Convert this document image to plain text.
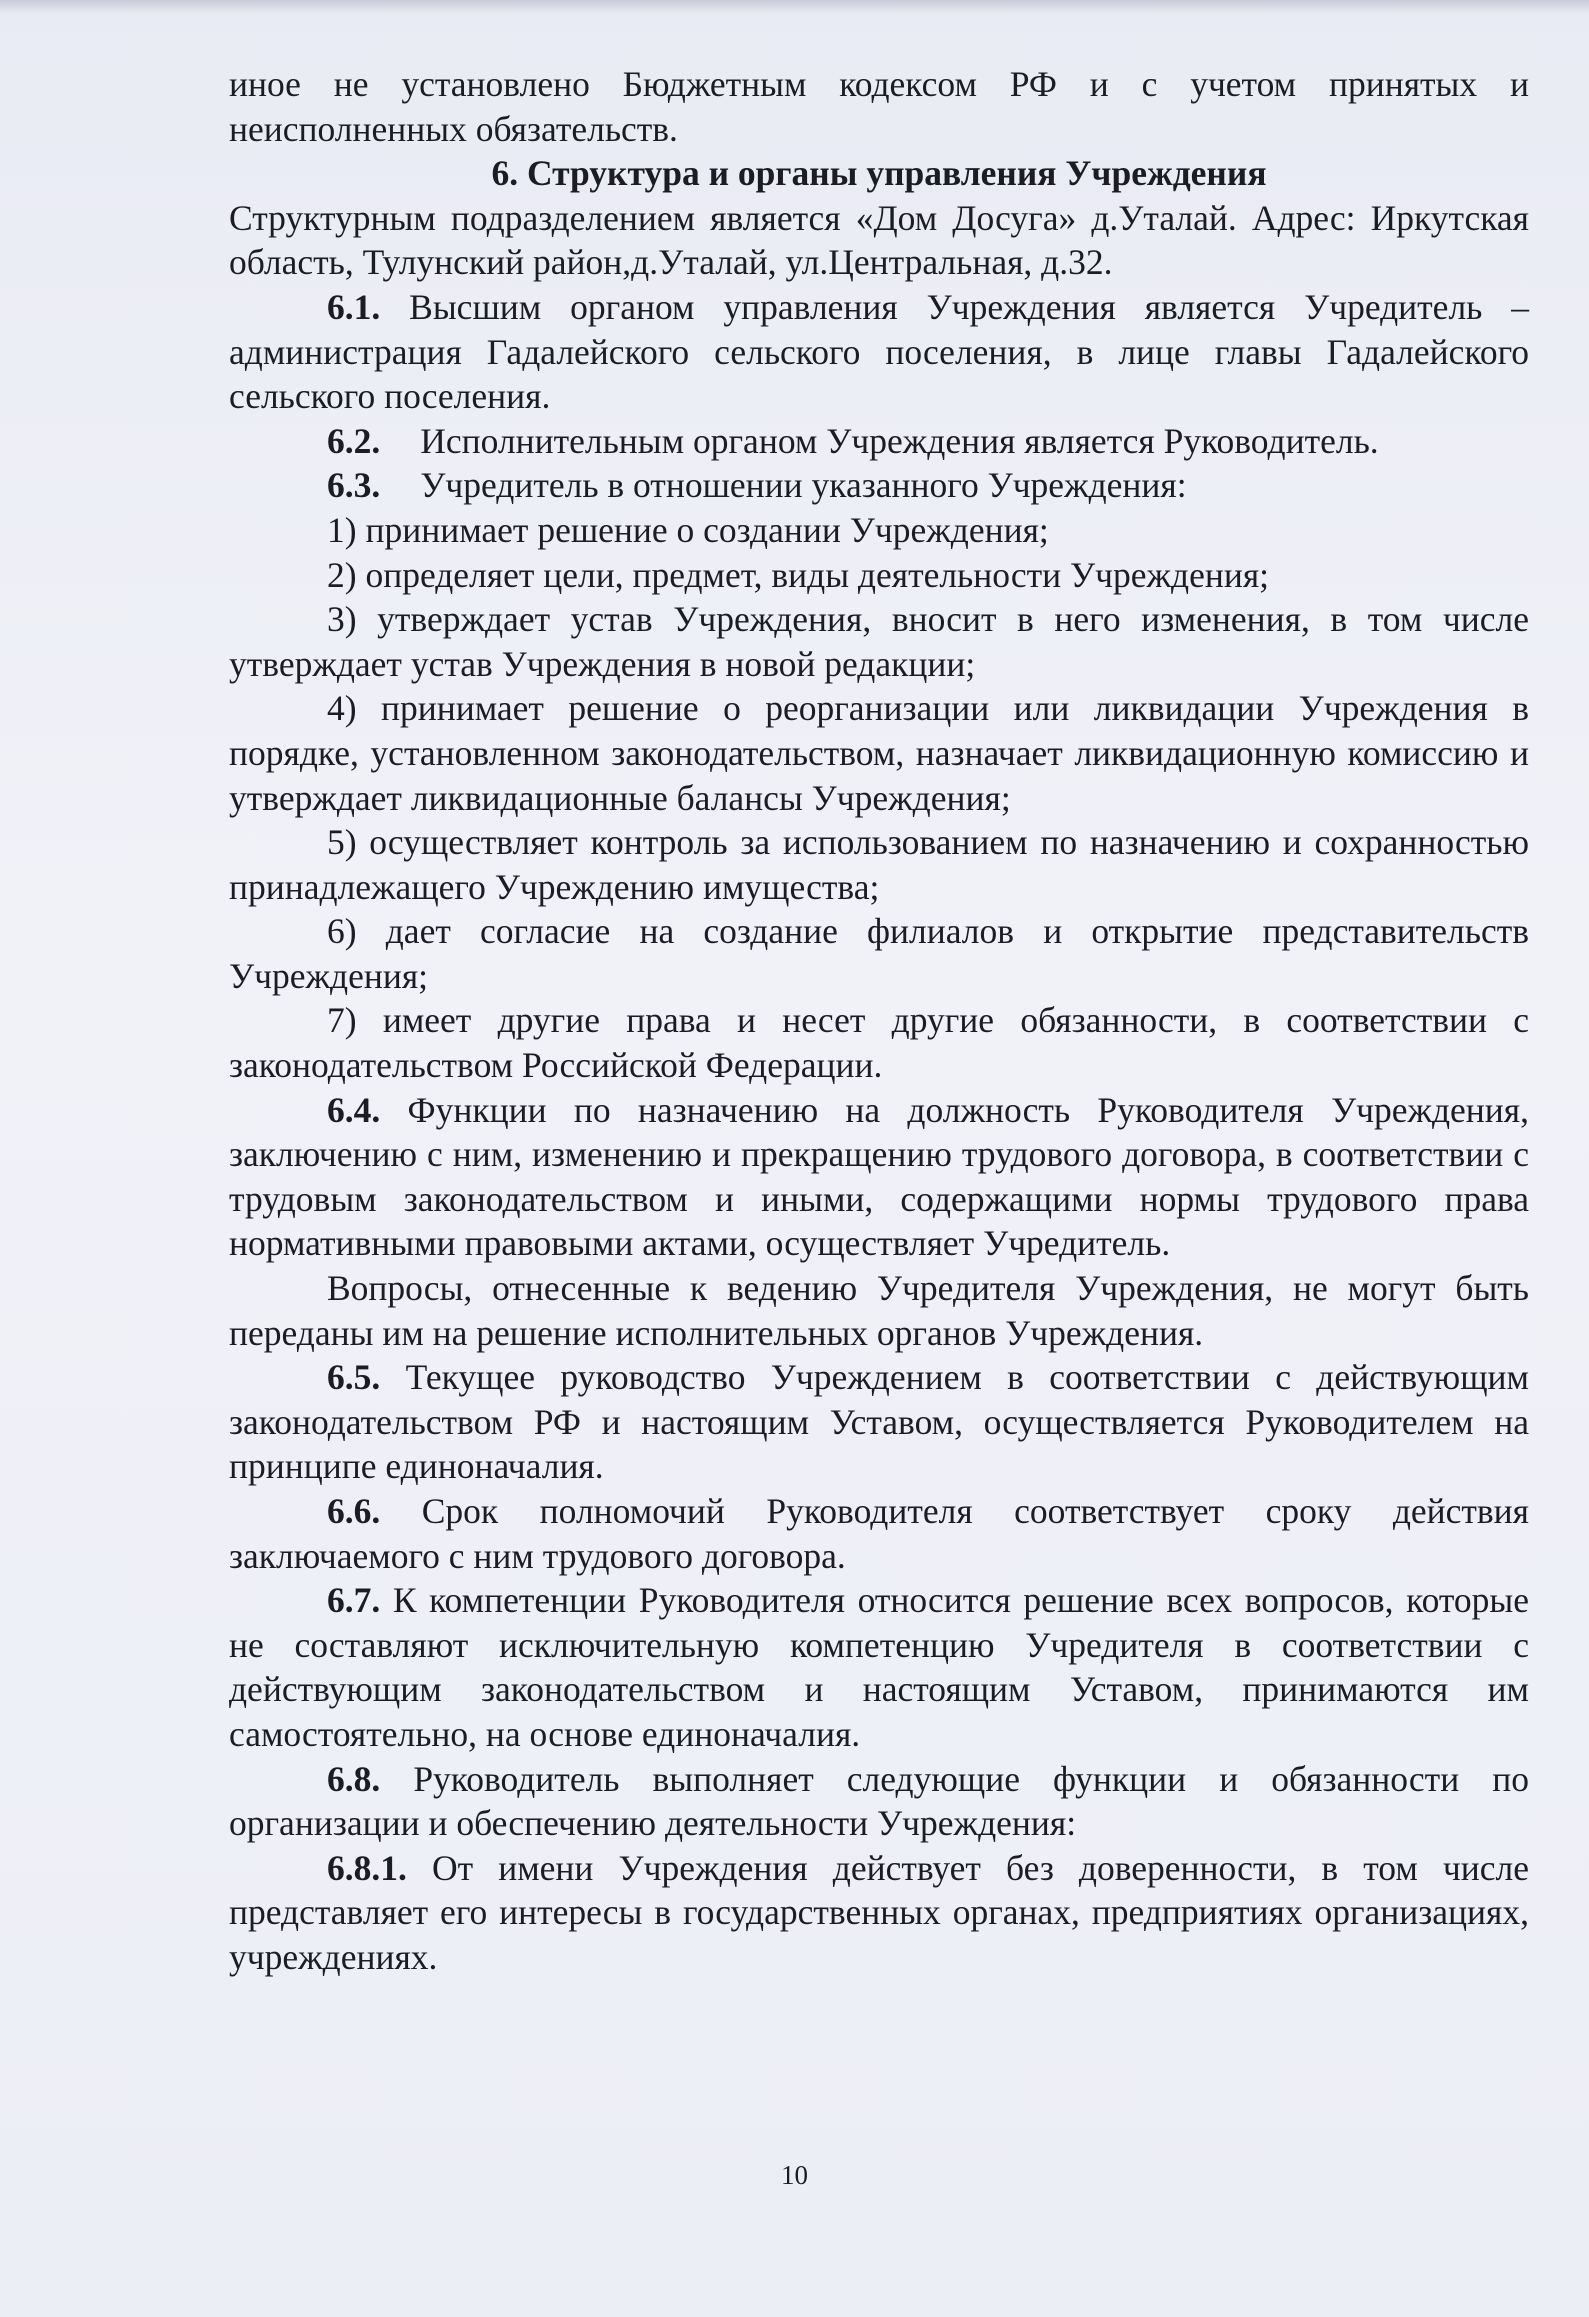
иное не установлено Бюджетным кодексом РФ и с учетом принятых и неисполненных обязательств.

6. Структура и органы управления Учреждения

Структурным подразделением является «Дом Досуга» д.Уталай. Адрес: Иркутская область, Тулунский район,д.Уталай, ул.Центральная, д.32.

6.1. Высшим органом управления Учреждения является Учредитель – администрация Гадалейского сельского поселения, в лице главы Гадалейского сельского поселения.

6.2. Исполнительным органом Учреждения является Руководитель.

6.3. Учредитель в отношении указанного Учреждения:

1) принимает решение о создании Учреждения;

2) определяет цели, предмет, виды деятельности Учреждения;

3) утверждает устав Учреждения, вносит в него изменения, в том числе утверждает устав Учреждения в новой редакции;

4) принимает решение о реорганизации или ликвидации Учреждения в порядке, установленном законодательством, назначает ликвидационную комиссию и утверждает ликвидационные балансы Учреждения;

5) осуществляет контроль за использованием по назначению и сохранностью принадлежащего Учреждению имущества;

6) дает согласие на создание филиалов и открытие представительств Учреждения;

7) имеет другие права и несет другие обязанности, в соответствии с законодательством Российской Федерации.

6.4. Функции по назначению на должность Руководителя Учреждения, заключению с ним, изменению и прекращению трудового договора, в соответствии с трудовым законодательством и иными, содержащими нормы трудового права нормативными правовыми актами, осуществляет Учредитель.

Вопросы, отнесенные к ведению Учредителя Учреждения, не могут быть переданы им на решение исполнительных органов Учреждения.

6.5. Текущее руководство Учреждением в соответствии с действующим законодательством РФ и настоящим Уставом, осуществляется Руководителем на принципе единоначалия.

6.6. Срок полномочий Руководителя соответствует сроку действия заключаемого с ним трудового договора.

6.7. К компетенции Руководителя относится решение всех вопросов, которые не составляют исключительную компетенцию Учредителя в соответствии с действующим законодательством и настоящим Уставом, принимаются им самостоятельно, на основе единоначалия.

6.8. Руководитель выполняет следующие функции и обязанности по организации и обеспечению деятельности Учреждения:

6.8.1. От имени Учреждения действует без доверенности, в том числе представляет его интересы в государственных органах, предприятиях организациях, учреждениях.

10
